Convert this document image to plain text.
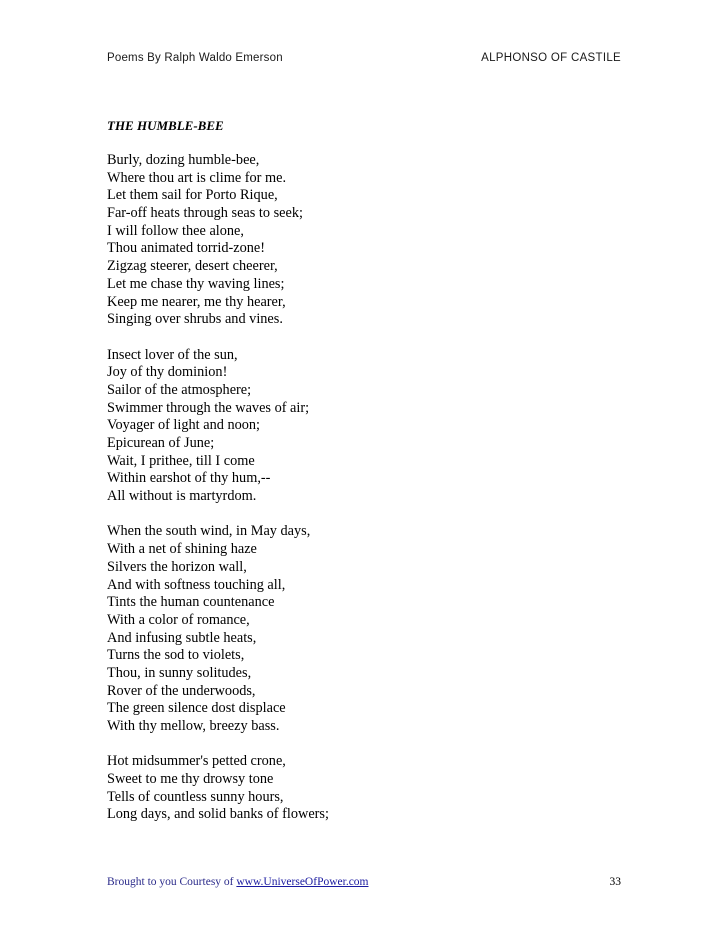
Poems By Ralph Waldo Emerson	ALPHONSO OF CASTILE
THE HUMBLE-BEE
Burly, dozing humble-bee,
Where thou art is clime for me.
Let them sail for Porto Rique,
Far-off heats through seas to seek;
I will follow thee alone,
Thou animated torrid-zone!
Zigzag steerer, desert cheerer,
Let me chase thy waving lines;
Keep me nearer, me thy hearer,
Singing over shrubs and vines.
Insect lover of the sun,
Joy of thy dominion!
Sailor of the atmosphere;
Swimmer through the waves of air;
Voyager of light and noon;
Epicurean of June;
Wait, I prithee, till I come
Within earshot of thy hum,--
All without is martyrdom.
When the south wind, in May days,
With a net of shining haze
Silvers the horizon wall,
And with softness touching all,
Tints the human countenance
With a color of romance,
And infusing subtle heats,
Turns the sod to violets,
Thou, in sunny solitudes,
Rover of the underwoods,
The green silence dost displace
With thy mellow, breezy bass.
Hot midsummer's petted crone,
Sweet to me thy drowsy tone
Tells of countless sunny hours,
Long days, and solid banks of flowers;
Brought to you Courtesy of www.UniverseOfPower.com	33
